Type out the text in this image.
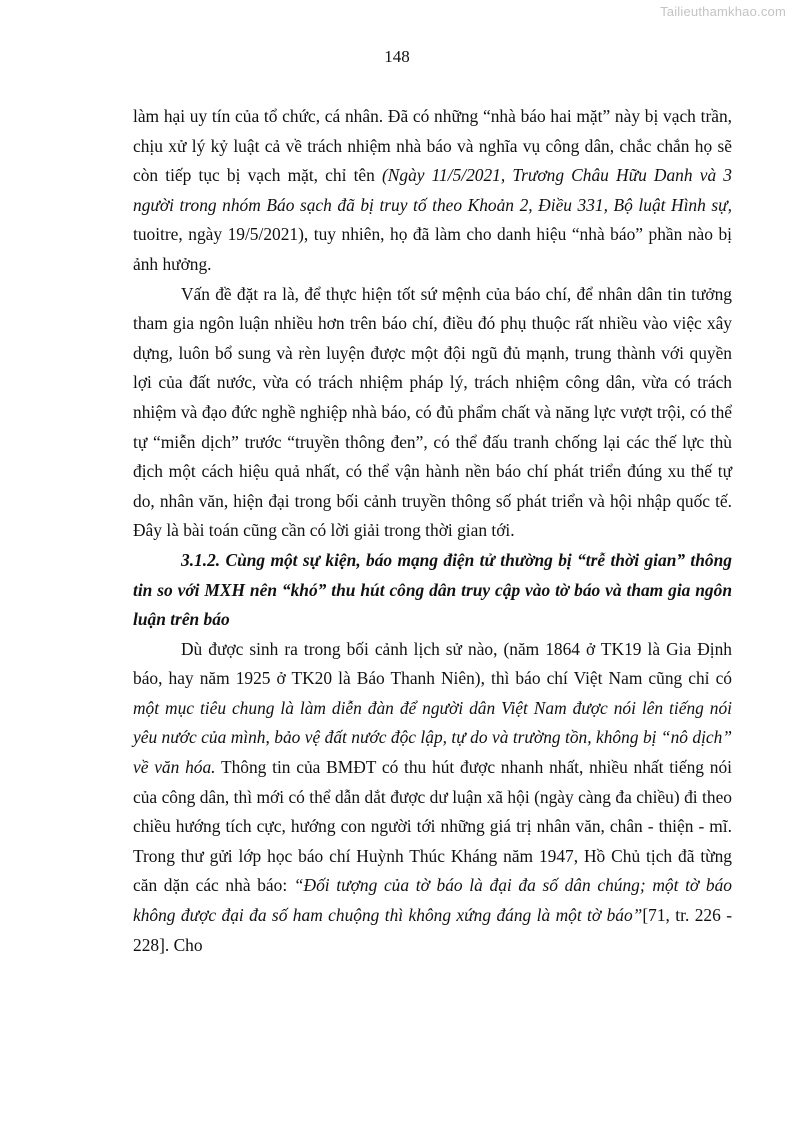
Tailieuthamkhao.com
148

làm hại uy tín của tổ chức, cá nhân. Đã có những “nhà báo hai mặt” này bị vạch trần, chịu xử lý kỷ luật cả về trách nhiệm nhà báo và nghĩa vụ công dân, chắc chắn họ sẽ còn tiếp tục bị vạch mặt, chỉ tên (Ngày 11/5/2021, Trương Châu Hữu Danh và 3 người trong nhóm Báo sạch đã bị truy tố theo Khoản 2, Điều 331, Bộ luật Hình sự, tuoitre, ngày 19/5/2021), tuy nhiên, họ đã làm cho danh hiệu “nhà báo” phần nào bị ảnh hưởng.

Vấn đề đặt ra là, để thực hiện tốt sứ mệnh của báo chí, để nhân dân tin tưởng tham gia ngôn luận nhiều hơn trên báo chí, điều đó phụ thuộc rất nhiều vào việc xây dựng, luôn bổ sung và rèn luyện được một đội ngũ đủ mạnh, trung thành với quyền lợi của đất nước, vừa có trách nhiệm pháp lý, trách nhiệm công dân, vừa có trách nhiệm và đạo đức nghề nghiệp nhà báo, có đủ phẩm chất và năng lực vượt trội, có thể tự “miễn dịch” trước “truyền thông đen”, có thể đấu tranh chống lại các thế lực thù địch một cách hiệu quả nhất, có thể vận hành nền báo chí phát triển đúng xu thế tự do, nhân văn, hiện đại trong bối cảnh truyền thông số phát triển và hội nhập quốc tế. Đây là bài toán cũng cần có lời giải trong thời gian tới.

3.1.2. Cùng một sự kiện, báo mạng điện tử thường bị “trễ thời gian” thông tin so với MXH nên “khó” thu hút công dân truy cập vào tờ báo và tham gia ngôn luận trên báo

Dù được sinh ra trong bối cảnh lịch sử nào, (năm 1864 ở TK19 là Gia Định báo, hay năm 1925 ở TK20 là Báo Thanh Niên), thì báo chí Việt Nam cũng chỉ có một mục tiêu chung là làm diễn đàn để người dân Việt Nam được nói lên tiếng nói yêu nước của mình, bảo vệ đất nước độc lập, tự do và trường tồn, không bị “nô dịch” về văn hóa. Thông tin của BMĐT có thu hút được nhanh nhất, nhiều nhất tiếng nói của công dân, thì mới có thể dẫn dắt được dư luận xã hội (ngày càng đa chiều) đi theo chiều hướng tích cực, hướng con người tới những giá trị nhân văn, chân - thiện - mĩ. Trong thư gửi lớp học báo chí Huỳnh Thúc Kháng năm 1947, Hồ Chủ tịch đã từng căn dặn các nhà báo: “Đối tượng của tờ báo là đại đa số dân chúng; một tờ báo không được đại đa số ham chuộng thì không xứng đáng là một tờ báo”[71, tr. 226 - 228]. Cho
